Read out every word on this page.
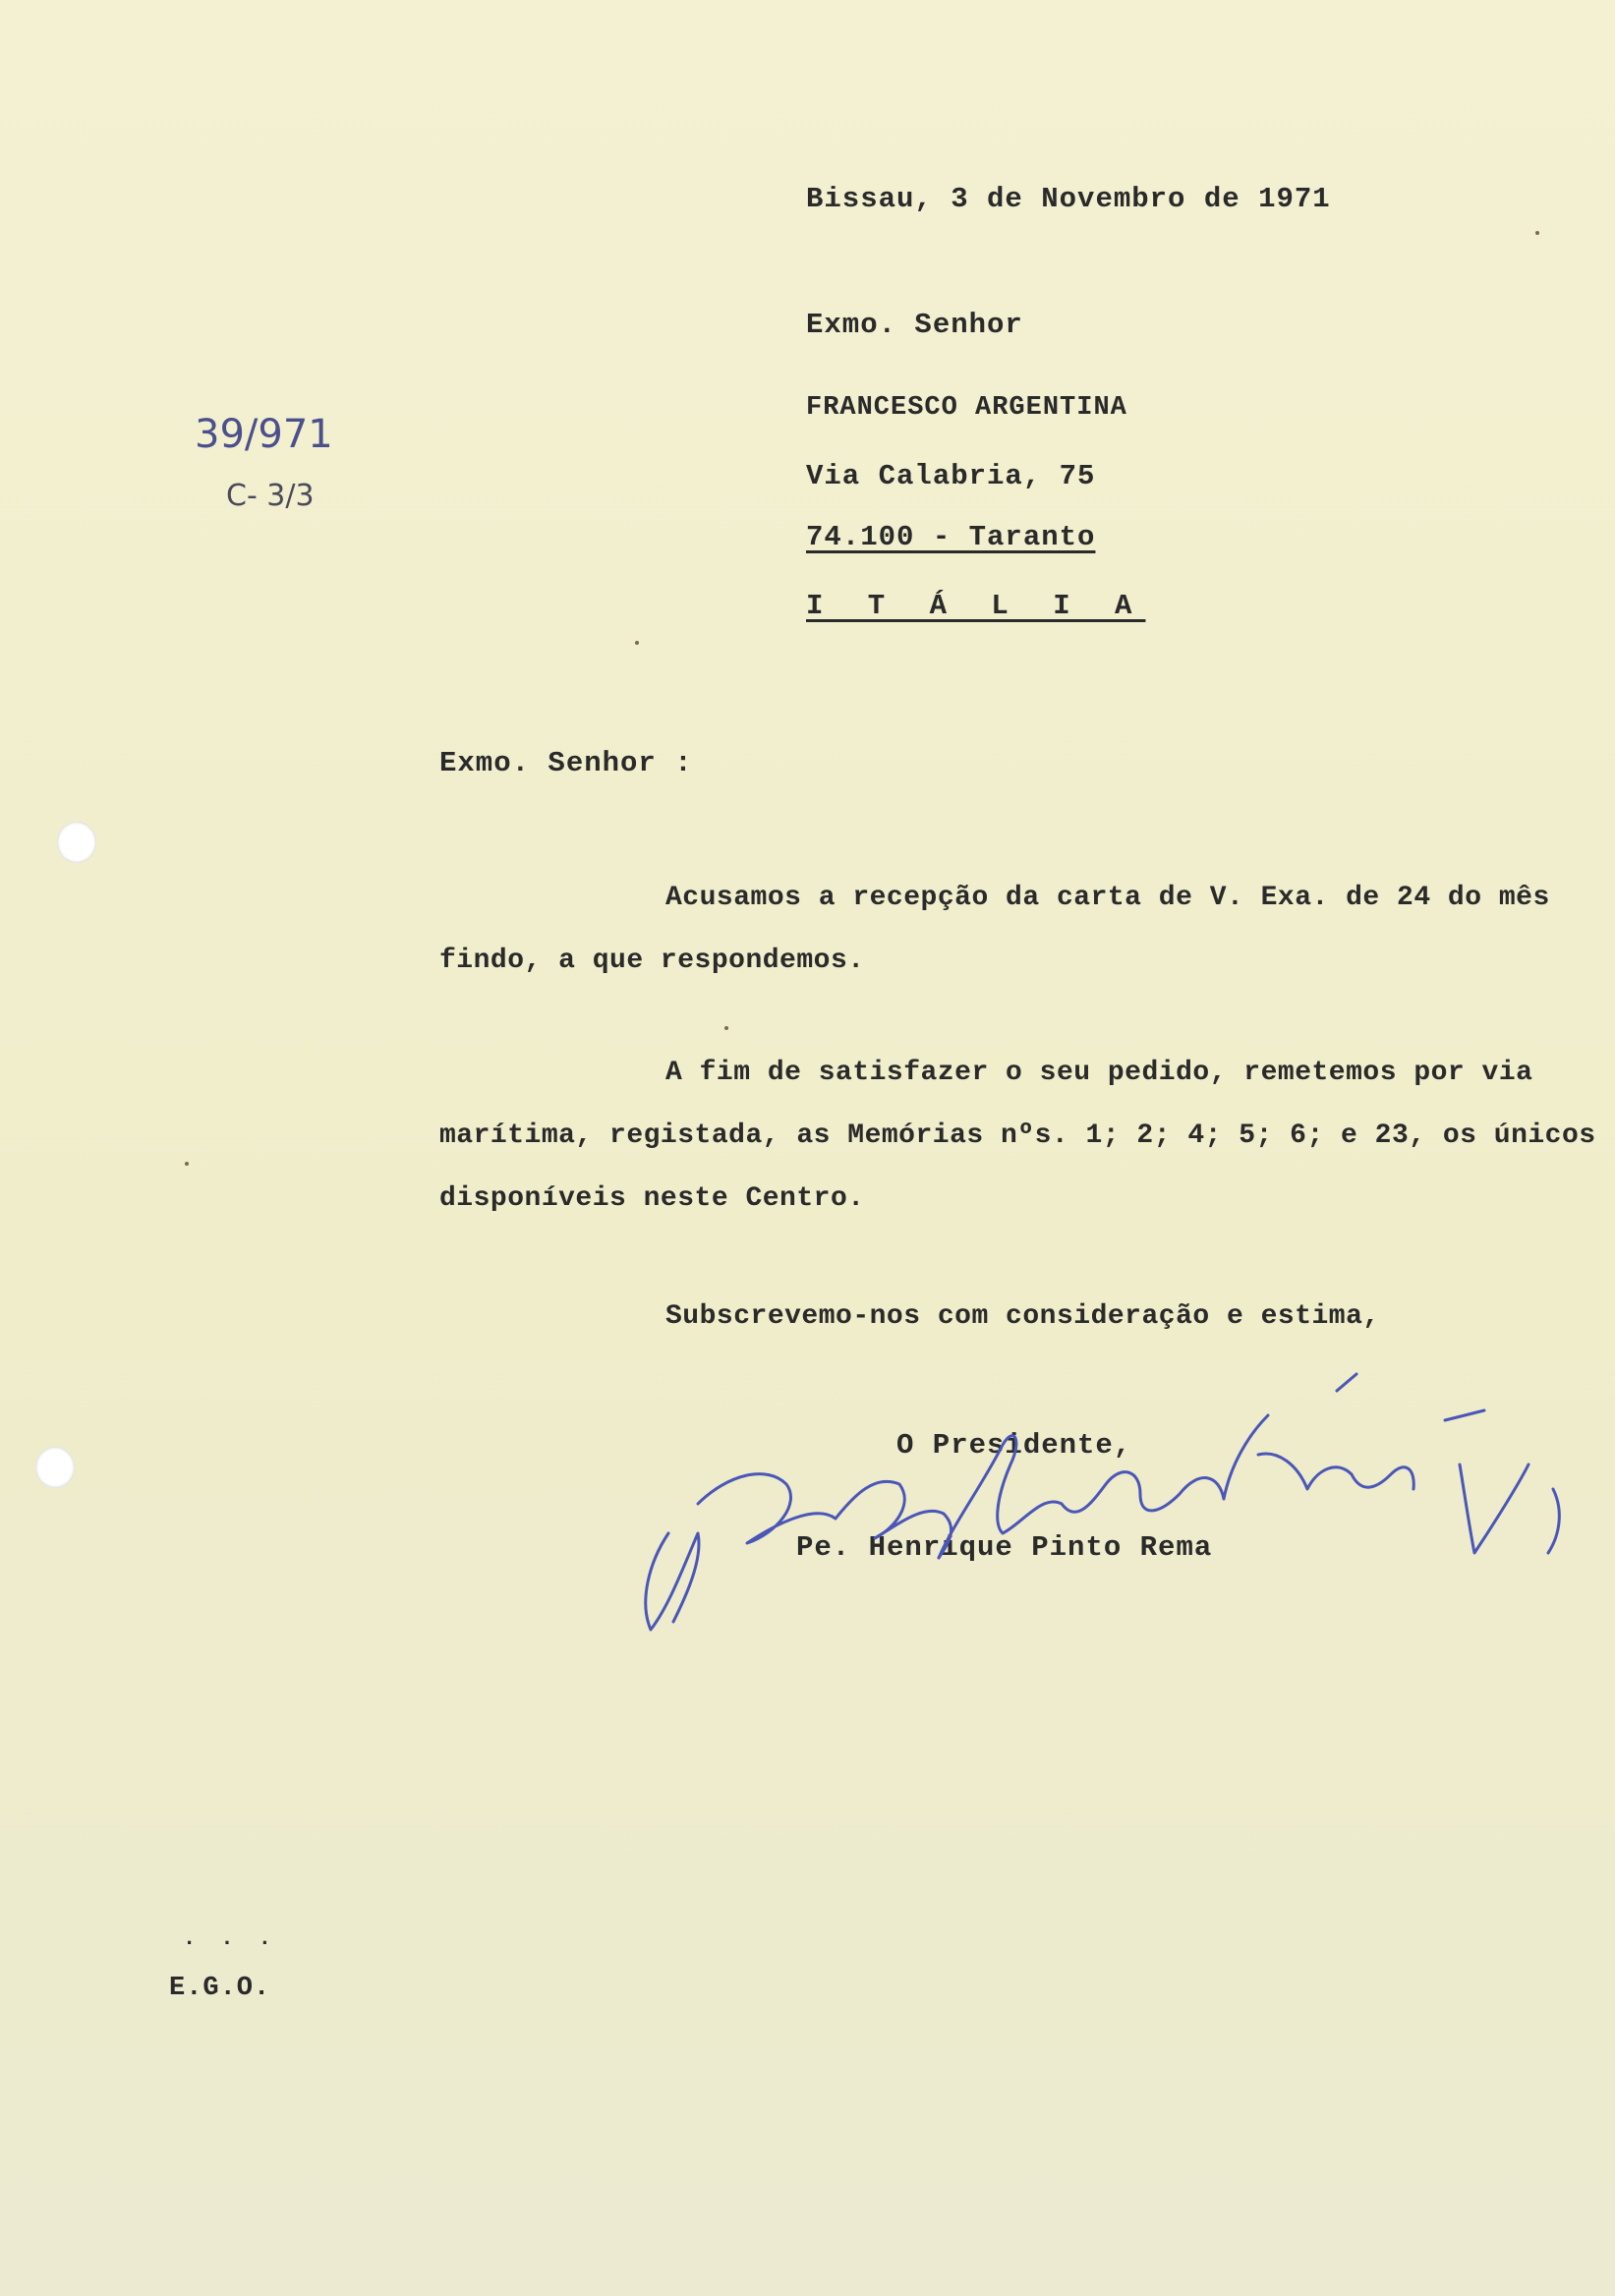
Bissau, 3 de Novembro de 1971
Exmo. Senhor
FRANCESCO ARGENTINA
Via Calabria, 75
74.100 - Taranto
I T Á L I A
39/971
C- 3/3
Exmo. Senhor :
Acusamos a recepção da carta de V. Exa. de 24 do mês findo, a que respondemos.
A fim de satisfazer o seu pedido, remetemos por via marítima, registada, as Memórias nºs. 1; 2; 4; 5; 6; e 23, os únicos disponíveis neste Centro.
Subscrevemo-nos com consideração e estima,
O Presidente,
Pe. Henrique Pinto Rema
. . .
E.G.O.
